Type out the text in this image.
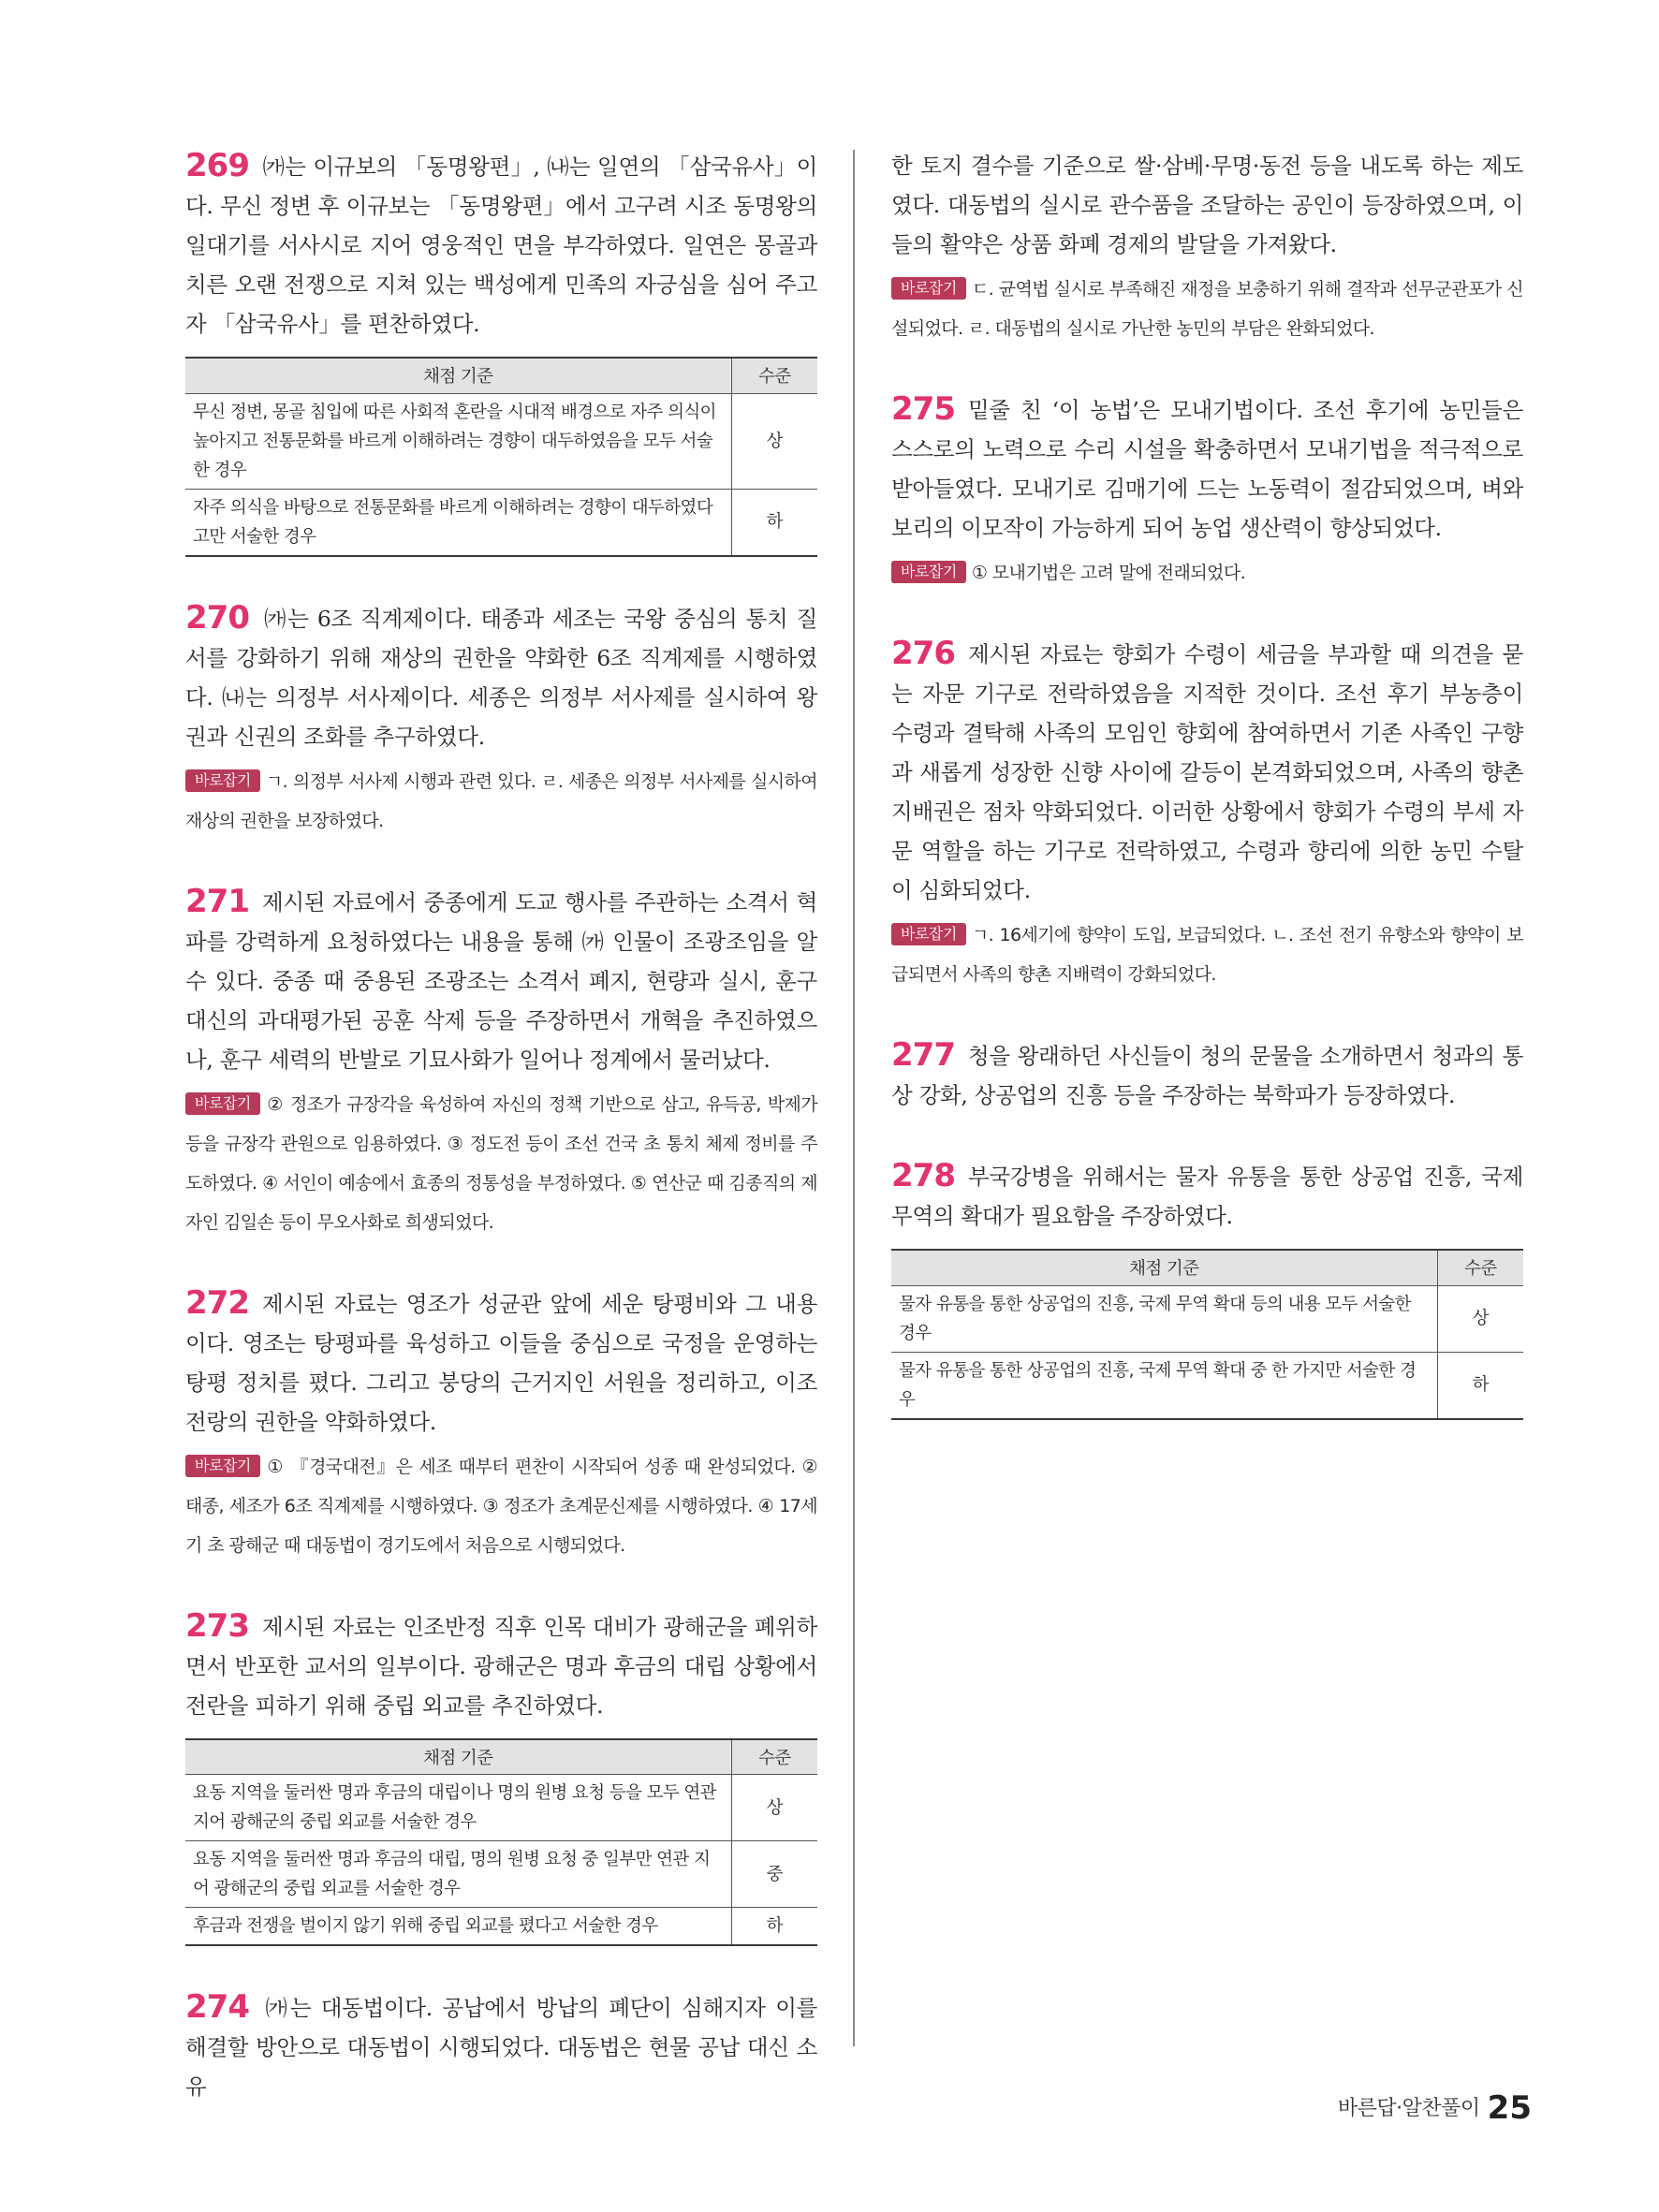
269 ㈎는 이규보의 「동명왕편」, ㈏는 일연의 「삼국유사」이다. 무신 정변 후 이규보는 「동명왕편」에서 고구려 시조 동명왕의 일대기를 서사시로 지어 영웅적인 면을 부각하였다. 일연은 몽골과 치른 오랜 전쟁으로 지쳐 있는 백성에게 민족의 자긍심을 심어 주고자 「삼국유사」를 편찬하였다.

채점 기준	수준
무신 정변, 몽골 침입에 따른 사회적 혼란을 시대적 배경으로 자주 의식이 높아지고 전통문화를 바르게 이해하려는 경향이 대두하였음을 모두 서술한 경우	상
자주 의식을 바탕으로 전통문화를 바르게 이해하려는 경향이 대두하였다고만 서술한 경우	하

270 ㈎는 6조 직계제이다. 태종과 세조는 국왕 중심의 통치 질서를 강화하기 위해 재상의 권한을 약화한 6조 직계제를 시행하였다. ㈏는 의정부 서사제이다. 세종은 의정부 서사제를 실시하여 왕권과 신권의 조화를 추구하였다.

바로잡기 ㄱ. 의정부 서사제 시행과 관련 있다. ㄹ. 세종은 의정부 서사제를 실시하여 재상의 권한을 보장하였다.

271 제시된 자료에서 중종에게 도교 행사를 주관하는 소격서 혁파를 강력하게 요청하였다는 내용을 통해 ㈎ 인물이 조광조임을 알 수 있다. 중종 때 중용된 조광조는 소격서 폐지, 현량과 실시, 훈구 대신의 과대평가된 공훈 삭제 등을 주장하면서 개혁을 추진하였으나, 훈구 세력의 반발로 기묘사화가 일어나 정계에서 물러났다.

바로잡기 ② 정조가 규장각을 육성하여 자신의 정책 기반으로 삼고, 유득공, 박제가 등을 규장각 관원으로 임용하였다. ③ 정도전 등이 조선 건국 초 통치 체제 정비를 주도하였다. ④ 서인이 예송에서 효종의 정통성을 부정하였다. ⑤ 연산군 때 김종직의 제자인 김일손 등이 무오사화로 희생되었다.

272 제시된 자료는 영조가 성균관 앞에 세운 탕평비와 그 내용이다. 영조는 탕평파를 육성하고 이들을 중심으로 국정을 운영하는 탕평 정치를 폈다. 그리고 붕당의 근거지인 서원을 정리하고, 이조 전랑의 권한을 약화하였다.

바로잡기 ① 『경국대전』은 세조 때부터 편찬이 시작되어 성종 때 완성되었다. ② 태종, 세조가 6조 직계제를 시행하였다. ③ 정조가 초계문신제를 시행하였다. ④ 17세기 초 광해군 때 대동법이 경기도에서 처음으로 시행되었다.

273 제시된 자료는 인조반정 직후 인목 대비가 광해군을 폐위하면서 반포한 교서의 일부이다. 광해군은 명과 후금의 대립 상황에서 전란을 피하기 위해 중립 외교를 추진하였다.

채점 기준	수준
요동 지역을 둘러싼 명과 후금의 대립이나 명의 원병 요청 등을 모두 연관 지어 광해군의 중립 외교를 서술한 경우	상
요동 지역을 둘러싼 명과 후금의 대립, 명의 원병 요청 중 일부만 연관 지어 광해군의 중립 외교를 서술한 경우	중
후금과 전쟁을 벌이지 않기 위해 중립 외교를 폈다고 서술한 경우	하

274 ㈎는 대동법이다. 공납에서 방납의 폐단이 심해지자 이를 해결할 방안으로 대동법이 시행되었다. 대동법은 현물 공납 대신 소유

한 토지 결수를 기준으로 쌀·삼베·무명·동전 등을 내도록 하는 제도였다. 대동법의 실시로 관수품을 조달하는 공인이 등장하였으며, 이들의 활약은 상품 화폐 경제의 발달을 가져왔다.

바로잡기 ㄷ. 균역법 실시로 부족해진 재정을 보충하기 위해 결작과 선무군관포가 신설되었다. ㄹ. 대동법의 실시로 가난한 농민의 부담은 완화되었다.

275 밑줄 친 ‘이 농법’은 모내기법이다. 조선 후기에 농민들은 스스로의 노력으로 수리 시설을 확충하면서 모내기법을 적극적으로 받아들였다. 모내기로 김매기에 드는 노동력이 절감되었으며, 벼와 보리의 이모작이 가능하게 되어 농업 생산력이 향상되었다.

바로잡기 ① 모내기법은 고려 말에 전래되었다.

276 제시된 자료는 향회가 수령이 세금을 부과할 때 의견을 묻는 자문 기구로 전락하였음을 지적한 것이다. 조선 후기 부농층이 수령과 결탁해 사족의 모임인 향회에 참여하면서 기존 사족인 구향과 새롭게 성장한 신향 사이에 갈등이 본격화되었으며, 사족의 향촌 지배권은 점차 약화되었다. 이러한 상황에서 향회가 수령의 부세 자문 역할을 하는 기구로 전락하였고, 수령과 향리에 의한 농민 수탈이 심화되었다.

바로잡기 ㄱ. 16세기에 향약이 도입, 보급되었다. ㄴ. 조선 전기 유향소와 향약이 보급되면서 사족의 향촌 지배력이 강화되었다.

277 청을 왕래하던 사신들이 청의 문물을 소개하면서 청과의 통상 강화, 상공업의 진흥 등을 주장하는 북학파가 등장하였다.

278 부국강병을 위해서는 물자 유통을 통한 상공업 진흥, 국제 무역의 확대가 필요함을 주장하였다.

채점 기준	수준
물자 유통을 통한 상공업의 진흥, 국제 무역 확대 등의 내용 모두 서술한 경우	상
물자 유통을 통한 상공업의 진흥, 국제 무역 확대 중 한 가지만 서술한 경우	하
바른답·알찬풀이 25
